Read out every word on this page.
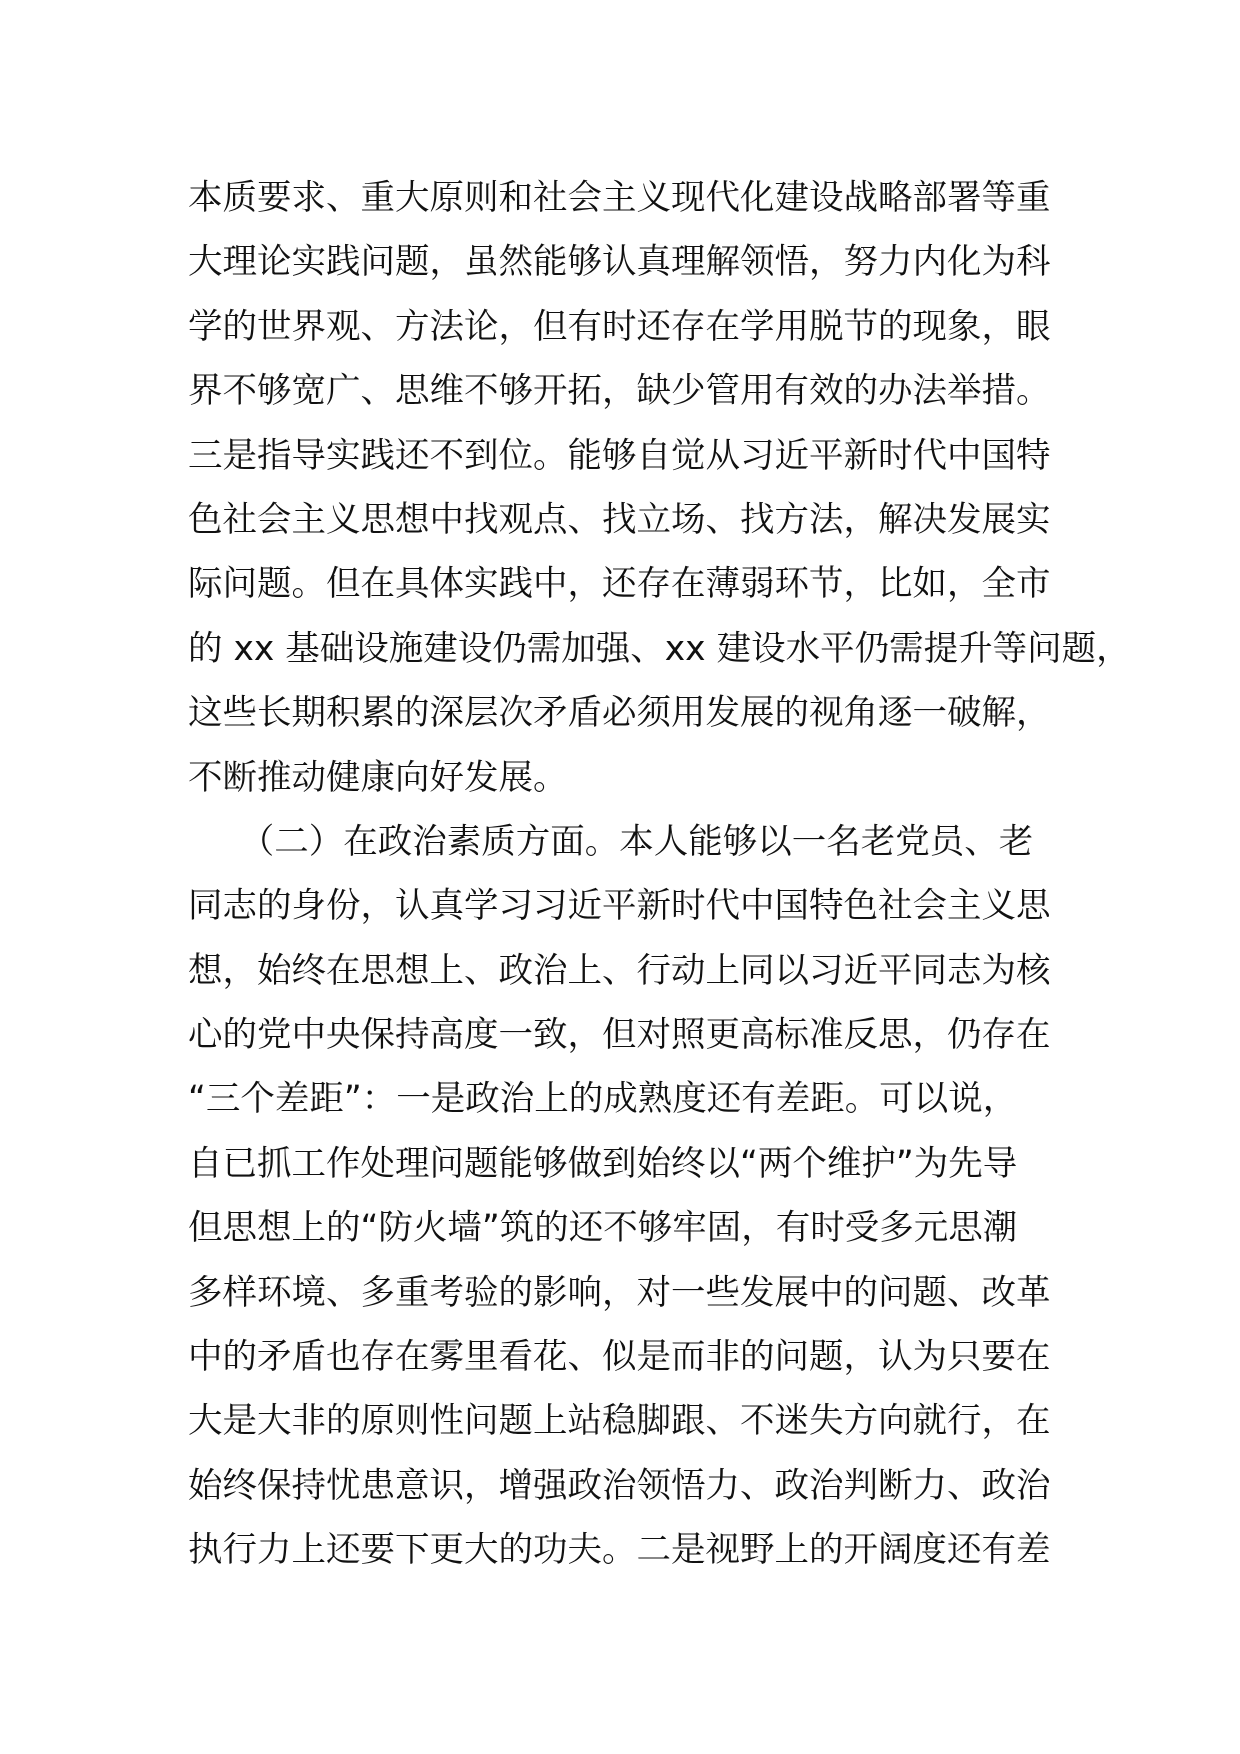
本质要求、重大原则和社会主义现代化建设战略部署等重
大理论实践问题，虽然能够认真理解领悟，努力内化为科
学的世界观、方法论，但有时还存在学用脱节的现象，眼
界不够宽广、思维不够开拓，缺少管用有效的办法举措。
三是指导实践还不到位。能够自觉从习近平新时代中国特
色社会主义思想中找观点、找立场、找方法，解决发展实
际问题。但在具体实践中，还存在薄弱环节，比如，全市
的 xx 基础设施建设仍需加强、xx 建设水平仍需提升等问题，
这些长期积累的深层次矛盾必须用发展的视角逐一破解，
不断推动健康向好发展。
　　（二）在政治素质方面。本人能够以一名老党员、老
同志的身份，认真学习习近平新时代中国特色社会主义思
想，始终在思想上、政治上、行动上同以习近平同志为核
心的党中央保持高度一致，但对照更高标准反思，仍存在
“三个差距”：一是政治上的成熟度还有差距。可以说，
自已抓工作处理问题能够做到始终以“两个维护”为先导
但思想上的“防火墙”筑的还不够牢固，有时受多元思潮
多样环境、多重考验的影响，对一些发展中的问题、改革
中的矛盾也存在雾里看花、似是而非的问题，认为只要在
大是大非的原则性问题上站稳脚跟、不迷失方向就行，在
始终保持忧患意识，增强政治领悟力、政治判断力、政治
执行力上还要下更大的功夫。二是视野上的开阔度还有差
